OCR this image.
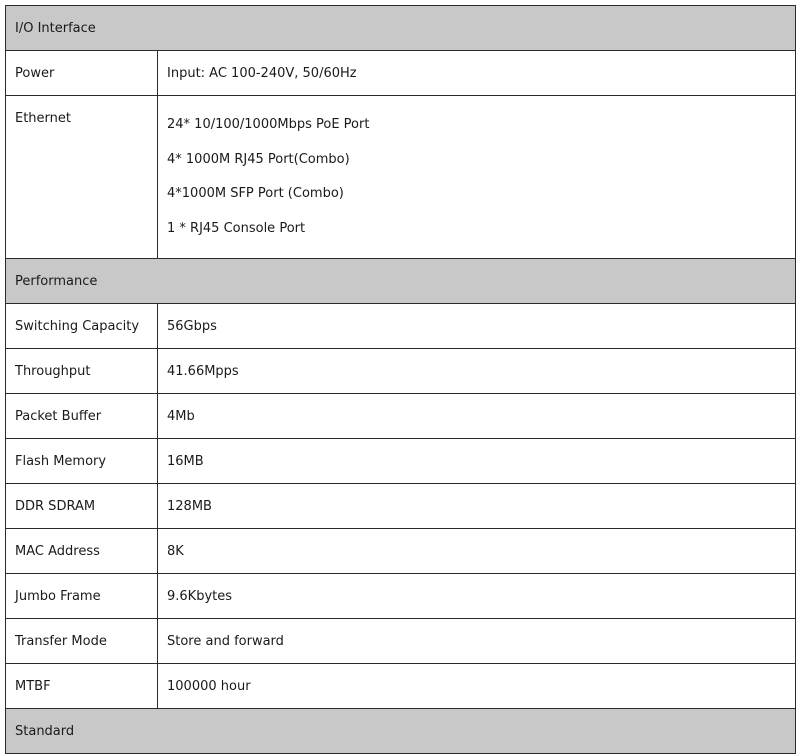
I/O Interface	
Power	Input: AC 100-240V, 50/60Hz
Ethernet	24* 10/100/1000Mbps PoE Port
4* 1000M RJ45 Port(Combo)
4*1000M SFP Port (Combo)
1 * RJ45 Console Port

Performance	
Switching Capacity	56Gbps
Throughput	41.66Mpps
Packet Buffer	4Mb
Flash Memory	16MB
DDR SDRAM	128MB
MAC Address	8K
Jumbo Frame	9.6Kbytes
Transfer Mode	Store and forward
MTBF	100000 hour
Standard	
